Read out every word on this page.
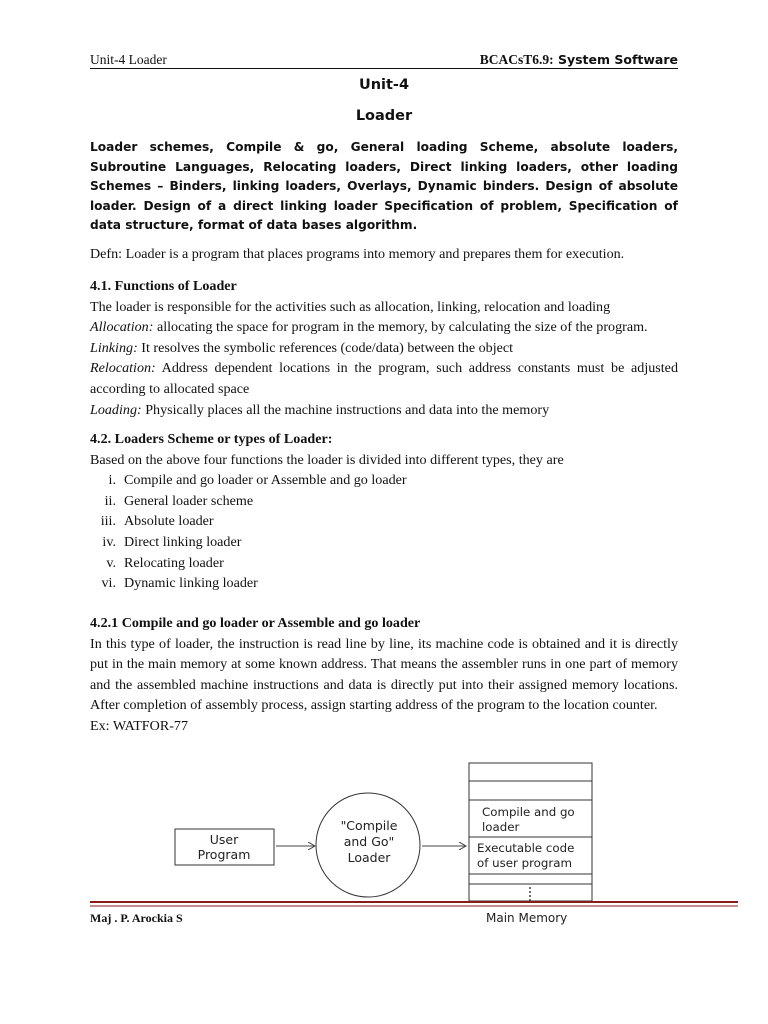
Unit-4 Loader	BCACsT6.9: System Software
Unit-4
Loader
Loader schemes, Compile & go, General loading Scheme, absolute loaders, Subroutine Languages, Relocating loaders, Direct linking loaders, other loading Schemes – Binders, linking loaders, Overlays, Dynamic binders. Design of absolute loader. Design of a direct linking loader Specification of problem, Specification of data structure, format of data bases algorithm.
Defn: Loader is a program that places programs into memory and prepares them for execution.

4.1. Functions of Loader

The loader is responsible for the activities such as allocation, linking, relocation and loading

Allocation: allocating the space for program in the memory, by calculating the size of the program.

Linking: It resolves the symbolic references (code/data) between the object

Relocation: Address dependent locations in the program, such address constants must be adjusted according to allocated space

Loading: Physically places all the machine instructions and data into the memory

4.2. Loaders Scheme or types of Loader:

Based on the above four functions the loader is divided into different types, they are

i. Compile and go loader or Assemble and go loader
ii. General loader scheme
iii. Absolute loader
iv. Direct linking loader
v. Relocating loader
vi. Dynamic linking loader

4.2.1 Compile and go loader or Assemble and go loader

In this type of loader, the instruction is read line by line, its machine code is obtained and it is directly put in the main memory at some known address. That means the assembler runs in one part of memory and the assembled machine instructions and data is directly put into their assigned memory locations. After completion of assembly process, assign starting address of the program to the location counter.

Ex: WATFOR-77

User
Program
"Compile
and Go"
Loader
Compile and go
loader
Executable code
of user program
Main Memory
Maj . P. Arockia S
